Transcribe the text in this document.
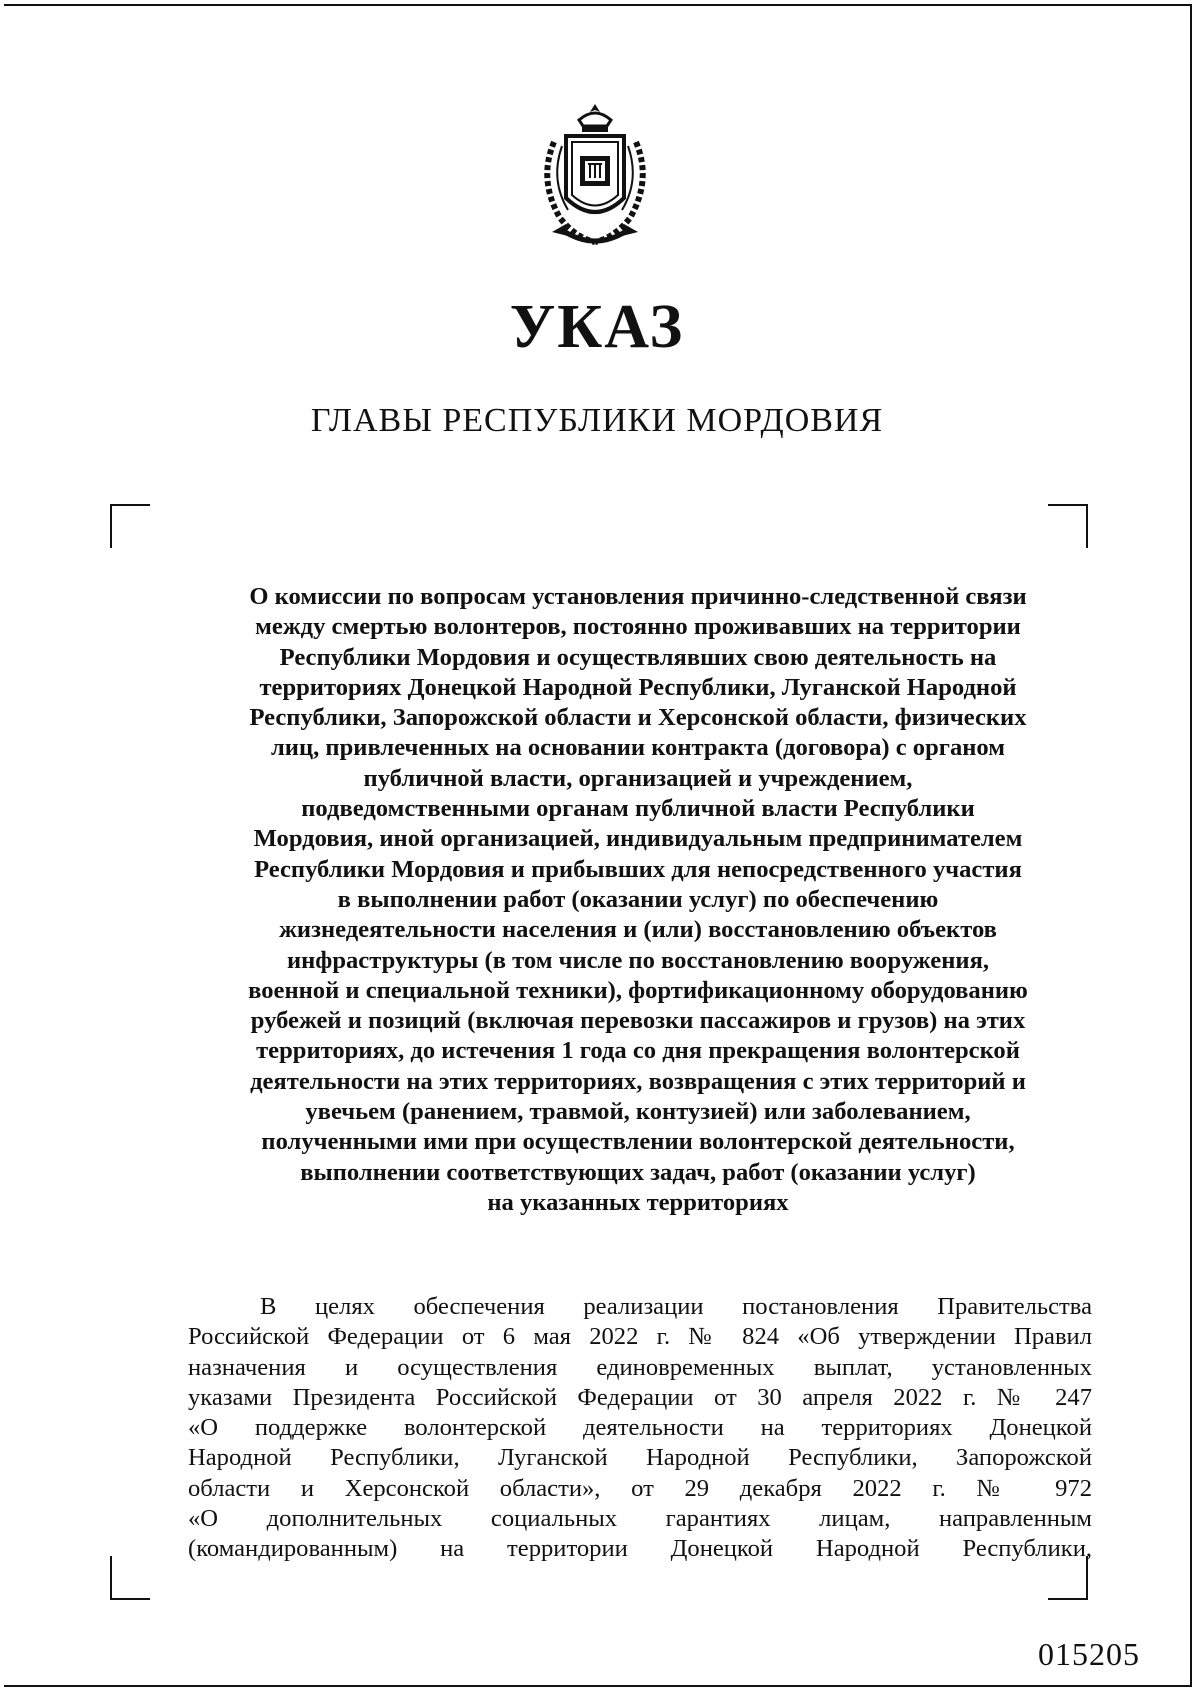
УКАЗ
ГЛАВЫ РЕСПУБЛИКИ МОРДОВИЯ
О комиссии по вопросам установления причинно-следственной связи
между смертью волонтеров, постоянно проживавших на территории
Республики Мордовия и осуществлявших свою деятельность на
территориях Донецкой Народной Республики, Луганской Народной
Республики, Запорожской области и Херсонской области, физических
лиц, привлеченных на основании контракта (договора) с органом
публичной власти, организацией и учреждением,
подведомственными органам публичной власти Республики
Мордовия, иной организацией, индивидуальным предпринимателем
Республики Мордовия и прибывших для непосредственного участия
в выполнении работ (оказании услуг) по обеспечению
жизнедеятельности населения и (или) восстановлению объектов
инфраструктуры (в том числе по восстановлению вооружения,
военной и специальной техники), фортификационному оборудованию
рубежей и позиций (включая перевозки пассажиров и грузов) на этих
территориях, до истечения 1 года со дня прекращения волонтерской
деятельности на этих территориях, возвращения с этих территорий и
увечьем (ранением, травмой, контузией) или заболеванием,
полученными ими при осуществлении волонтерской деятельности,
выполнении соответствующих задач, работ (оказании услуг)
на указанных территориях
В целях обеспечения реализации постановления Правительства
Российской Федерации от 6 мая 2022 г. № 824 «Об утверждении Правил
назначения и осуществления единовременных выплат, установленных
указами Президента Российской Федерации от 30 апреля 2022 г. № 247
«О поддержке волонтерской деятельности на территориях Донецкой
Народной Республики, Луганской Народной Республики, Запорожской
области и Херсонской области», от 29 декабря 2022 г. № 972
«О дополнительных социальных гарантиях лицам, направленным
(командированным) на территории Донецкой Народной Республики,
015205
